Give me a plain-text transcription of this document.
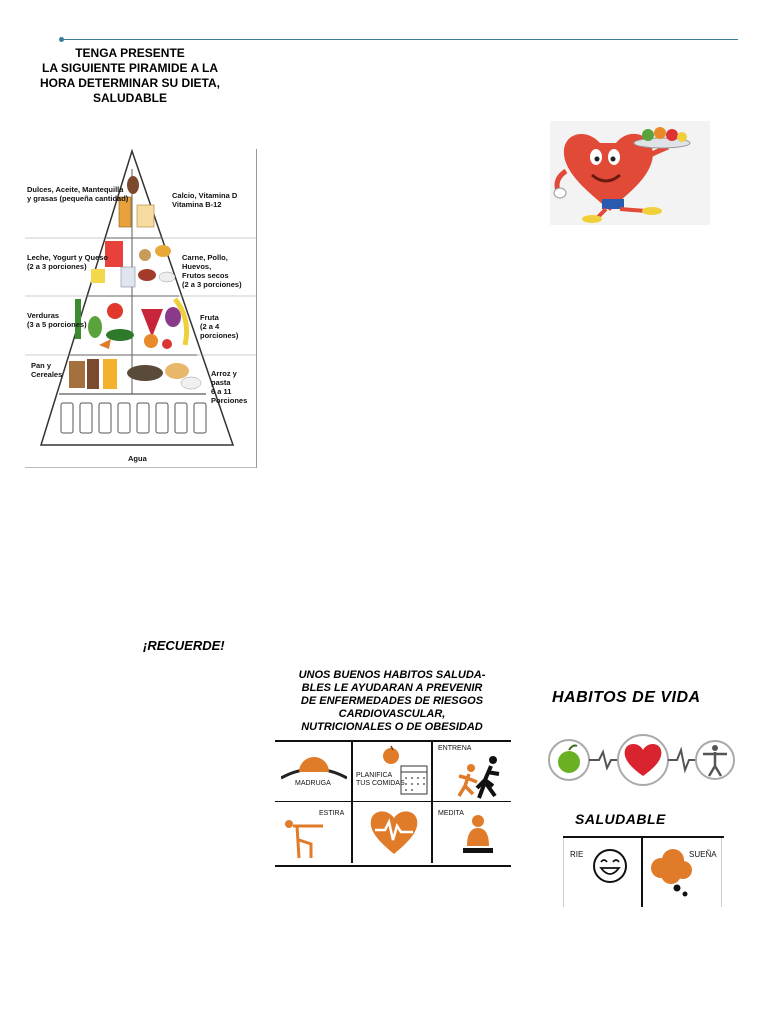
TENGA PRESENTE
LA SIGUIENTE PIRAMIDE A LA
HORA DETERMINAR SU DIETA,
SALUDABLE
Dulces, Aceite, Mantequilla
y grasas (pequeña cantidad)	Calcio, Vitamina D
Vitamina B-12
Leche, Yogurt y Queso
(2 a 3 porciones)
Carne, Pollo, Huevos,
Frutos secos
(2 a 3 porciones)
Verduras
(3 a 5 porciones)
Fruta
(2 a 4 porciones)
Pan y
Cereales	Arroz y pasta
6 a 11 Porciones
Agua
¡RECUERDE!
UNOS BUENOS HABITOS SALUDA-
BLES LE AYUDARAN A PREVENIR
DE ENFERMEDADES DE RIESGOS
CARDIOVASCULAR,
NUTRICIONALES O DE OBESIDAD
MADRUGA
PLANIFICA
TUS COMIDAS
ENTRENA
ESTIRA	MEDITA
HABITOS DE VIDA
SALUDABLE
RIE	SUEÑA
